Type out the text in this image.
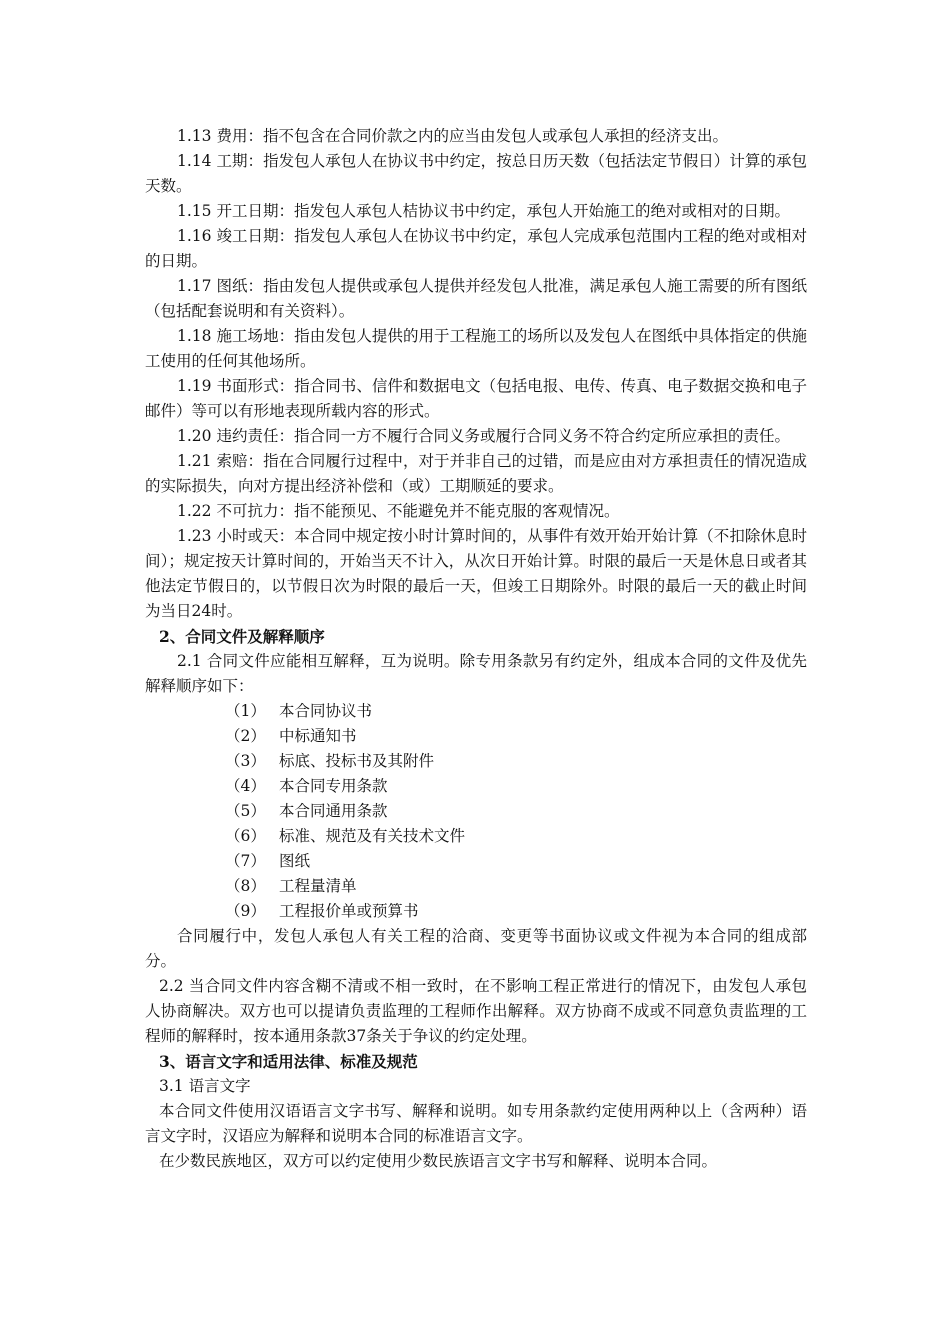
1.13 费用：指不包含在合同价款之内的应当由发包人或承包人承担的经济支出。

1.14 工期：指发包人承包人在协议书中约定，按总日历天数（包括法定节假日）计算的承包天数。

1.15 开工日期：指发包人承包人桔协议书中约定，承包人开始施工的绝对或相对的日期。

1.16 竣工日期：指发包人承包人在协议书中约定，承包人完成承包范围内工程的绝对或相对的日期。

1.17 图纸：指由发包人提供或承包人提供并经发包人批准，满足承包人施工需要的所有图纸（包括配套说明和有关资料）。

1.18 施工场地：指由发包人提供的用于工程施工的场所以及发包人在图纸中具体指定的供施工使用的任何其他场所。

1.19 书面形式：指合同书、信件和数据电文（包括电报、电传、传真、电子数据交换和电子邮件）等可以有形地表现所载内容的形式。

1.20 违约责任：指合同一方不履行合同义务或履行合同义务不符合约定所应承担的责任。

1.21 索赔：指在合同履行过程中，对于并非自己的过错，而是应由对方承担责任的情况造成的实际损失，向对方提出经济补偿和（或）工期顺延的要求。

1.22 不可抗力：指不能预见、不能避免并不能克服的客观情况。

1.23 小时或天：本合同中规定按小时计算时间的，从事件有效开始开始计算（不扣除休息时间）；规定按天计算时间的，开始当天不计入，从次日开始计算。时限的最后一天是休息日或者其他法定节假日的，以节假日次为时限的最后一天，但竣工日期除外。时限的最后一天的截止时间为当日24时。

2、合同文件及解释顺序

2.1 合同文件应能相互解释，互为说明。除专用条款另有约定外，组成本合同的文件及优先解释顺序如下：

（1） 本合同协议书
（2） 中标通知书
（3） 标底、投标书及其附件
（4） 本合同专用条款
（5） 本合同通用条款
（6） 标准、规范及有关技术文件
（7） 图纸
（8） 工程量清单
（9） 工程报价单或预算书

合同履行中，发包人承包人有关工程的洽商、变更等书面协议或文件视为本合同的组成部分。

2.2 当合同文件内容含糊不清或不相一致时，在不影响工程正常进行的情况下，由发包人承包人协商解决。双方也可以提请负责监理的工程师作出解释。双方协商不成或不同意负责监理的工程师的解释时，按本通用条款37条关于争议的约定处理。

3、语言文字和适用法律、标准及规范

3.1 语言文字

本合同文件使用汉语语言文字书写、解释和说明。如专用条款约定使用两种以上（含两种）语言文字时，汉语应为解释和说明本合同的标准语言文字。

在少数民族地区，双方可以约定使用少数民族语言文字书写和解释、说明本合同。
